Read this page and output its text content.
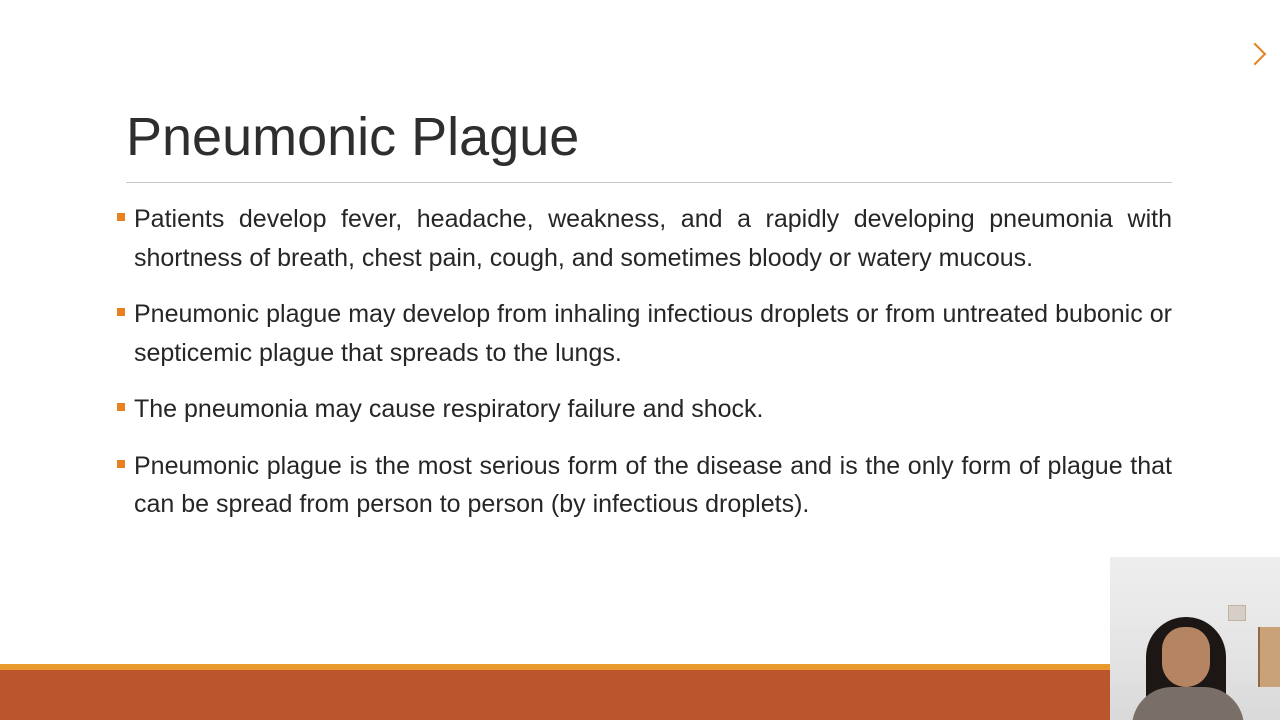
Pneumonic Plague
Patients develop fever, headache, weakness, and a rapidly developing pneumonia with shortness of breath, chest pain, cough, and sometimes bloody or watery mucous.
Pneumonic plague may develop from inhaling infectious droplets or from untreated bubonic or septicemic plague that spreads to the lungs.
The pneumonia may cause respiratory failure and shock.
Pneumonic plague is the most serious form of the disease and is the only form of plague that can be spread from person to person (by infectious droplets).
